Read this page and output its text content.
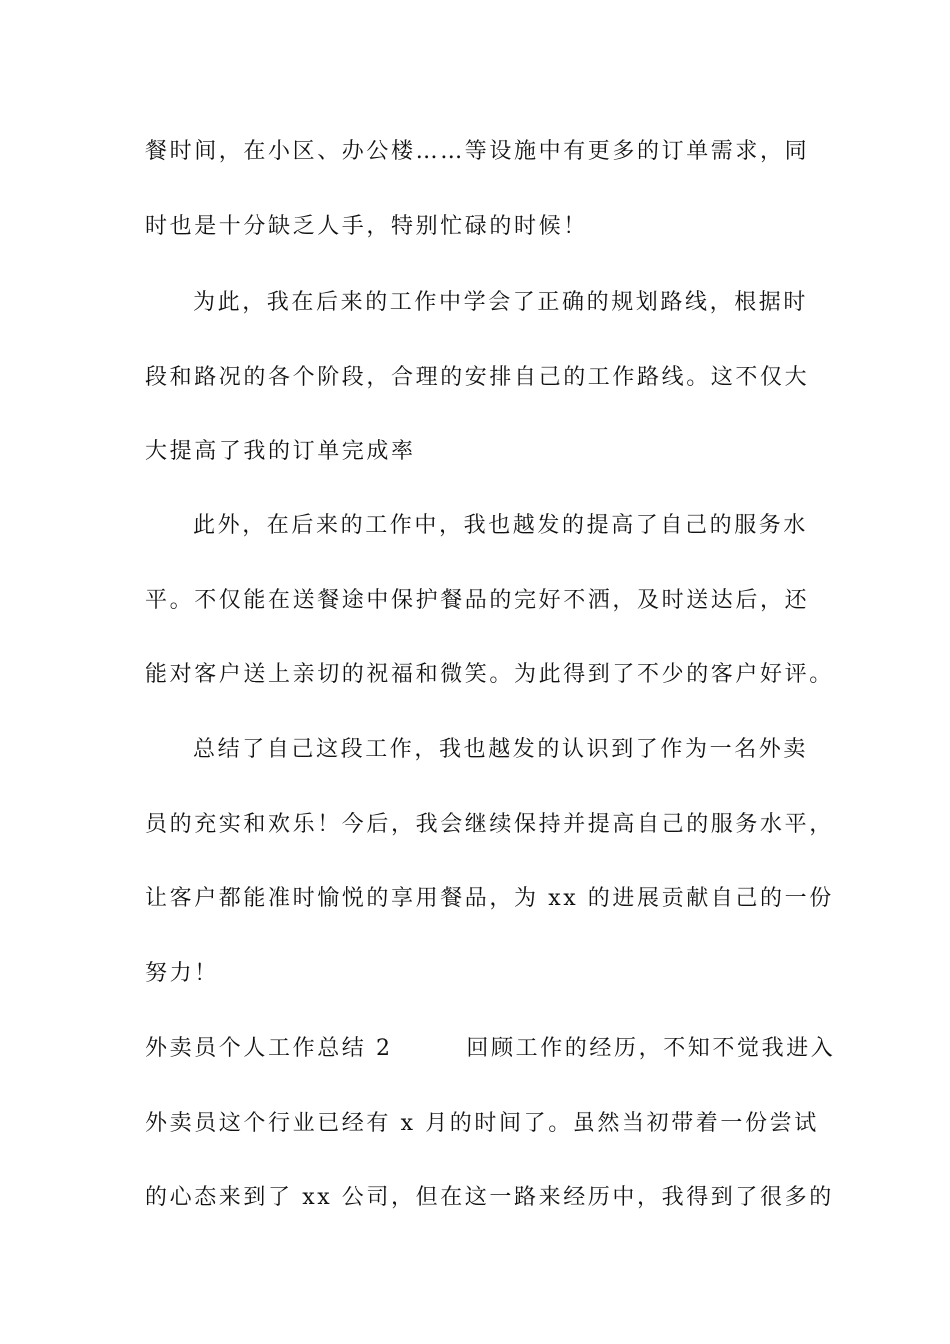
餐时间，在小区、办公楼……等设施中有更多的订单需求，同
时也是十分缺乏人手，特别忙碌的时候！
为此，我在后来的工作中学会了正确的规划路线，根据时
段和路况的各个阶段，合理的安排自己的工作路线。这不仅大
大提高了我的订单完成率
此外，在后来的工作中，我也越发的提高了自己的服务水
平。不仅能在送餐途中保护餐品的完好不洒，及时送达后，还
能对客户送上亲切的祝福和微笑。为此得到了不少的客户好评。
总结了自己这段工作，我也越发的认识到了作为一名外卖
员的充实和欢乐！今后，我会继续保持并提高自己的服务水平，
让客户都能准时愉悦的享用餐品，为 xx 的进展贡献自己的一份
努力！
外卖员个人工作总结 2　　　回顾工作的经历，不知不觉我进入
外卖员这个行业已经有 x 月的时间了。虽然当初带着一份尝试
的心态来到了 xx 公司，但在这一路来经历中，我得到了很多的
